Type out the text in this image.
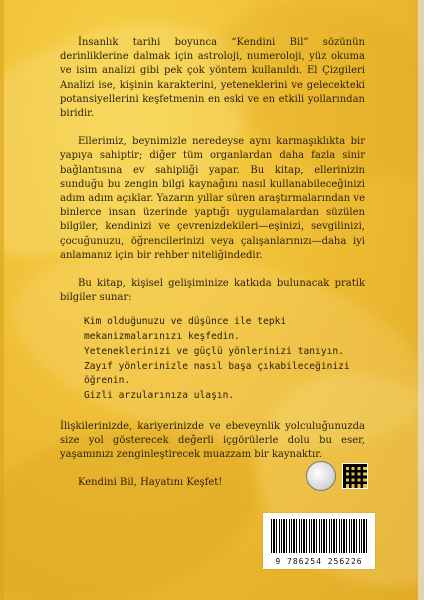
İnsanlık tarihi boyunca “Kendini Bil” sözünün derinliklerine dalmak için astroloji, numeroloji, yüz okuma ve isim analizi gibi pek çok yöntem kullanıldı. El Çizgileri Analizi ise, kişinin karakterini, yeteneklerini ve gelecekteki potansiyellerini keşfetmenin en eski ve en etkili yollarından biridir.

Ellerimiz, beynimizle neredeyse aynı karmaşıklıkta bir yapıya sahiptir; diğer tüm organlardan daha fazla sinir bağlantısına ev sahipliği yapar. Bu kitap, ellerinizin sunduğu bu zengin bilgi kaynağını nasıl kullanabileceğinizi adım adım açıklar. Yazarın yıllar süren araştırmalarından ve binlerce insan üzerinde yaptığı uygulamalardan süzülen bilgiler, kendinizi ve çevrenizdekileri—eşinizi, sevgilinizi, çocuğunuzu, öğrencilerinizi veya çalışanlarınızı—daha iyi anlamanız için bir rehber niteliğindedir.

Bu kitap, kişisel gelişiminize katkıda bulunacak pratik bilgiler sunar:

Kim olduğunuzu ve düşünce ile tepki mekanizmalarınızı keşfedin.
Yeteneklerinizi ve güçlü yönlerinizi tanıyın.
Zayıf yönlerinizle nasıl başa çıkabileceğinizi öğrenin.
Gizli arzularınıza ulaşın.

İlişkilerinizde, kariyerinizde ve ebeveynlik yolculuğunuzda size yol gösterecek değerli içgörülerle dolu bu eser, yaşamınızı zenginleştirecek muazzam bir kaynaktır.

Kendini Bil, Hayatını Keşfet!

9 786254 256226
